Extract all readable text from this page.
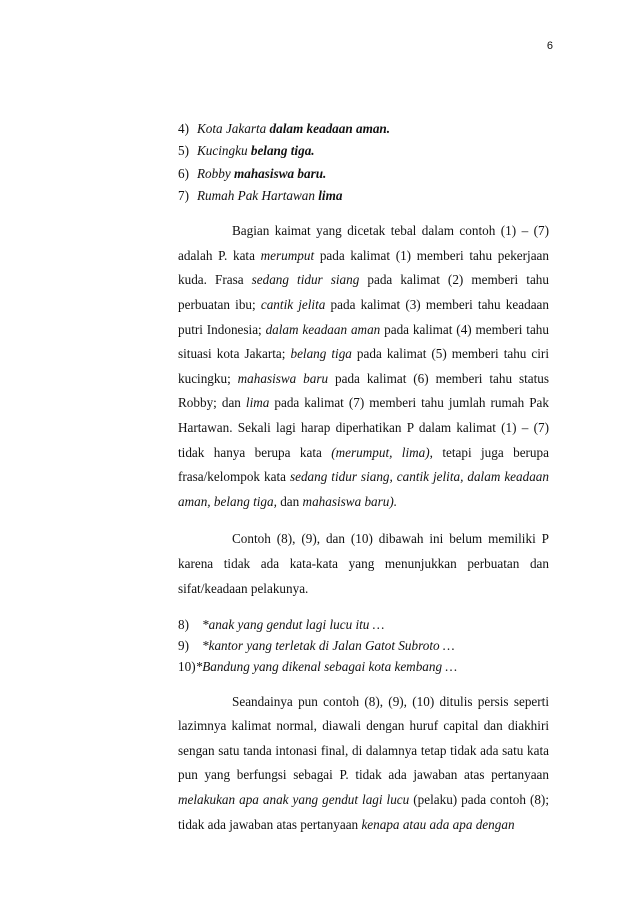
6
4) Kota Jakarta dalam keadaan aman.
5) Kucingku belang tiga.
6) Robby mahasiswa baru.
7) Rumah Pak Hartawan lima

Bagian kaimat yang dicetak tebal dalam contoh (1) – (7) adalah P. kata merumput pada kalimat (1) memberi tahu pekerjaan kuda. Frasa sedang tidur siang pada kalimat (2) memberi tahu perbuatan ibu; cantik jelita pada kalimat (3) memberi tahu keadaan putri Indonesia; dalam keadaan aman pada kalimat (4) memberi tahu situasi kota Jakarta; belang tiga pada kalimat (5) memberi tahu ciri kucingku; mahasiswa baru pada kalimat (6) memberi tahu status Robby; dan lima pada kalimat (7) memberi tahu jumlah rumah Pak Hartawan. Sekali lagi harap diperhatikan P dalam kalimat (1) – (7) tidak hanya berupa kata (merumput, lima), tetapi juga berupa frasa/kelompok kata sedang tidur siang, cantik jelita, dalam keadaan aman, belang tiga, dan mahasiswa baru).

Contoh (8), (9), dan (10) dibawah ini belum memiliki P karena tidak ada kata-kata yang menunjukkan perbuatan dan sifat/keadaan pelakunya.

8) *anak yang gendut lagi lucu itu …
9) *kantor yang terletak di Jalan Gatot Subroto …
10)*Bandung yang dikenal sebagai kota kembang …

Seandainya pun contoh (8), (9), (10) ditulis persis seperti lazimnya kalimat normal, diawali dengan huruf capital dan diakhiri sengan satu tanda intonasi final, di dalamnya tetap tidak ada satu kata pun yang berfungsi sebagai P. tidak ada jawaban atas pertanyaan melakukan apa anak yang gendut lagi lucu (pelaku) pada contoh (8); tidak ada jawaban atas pertanyaan kenapa atau ada apa dengan
